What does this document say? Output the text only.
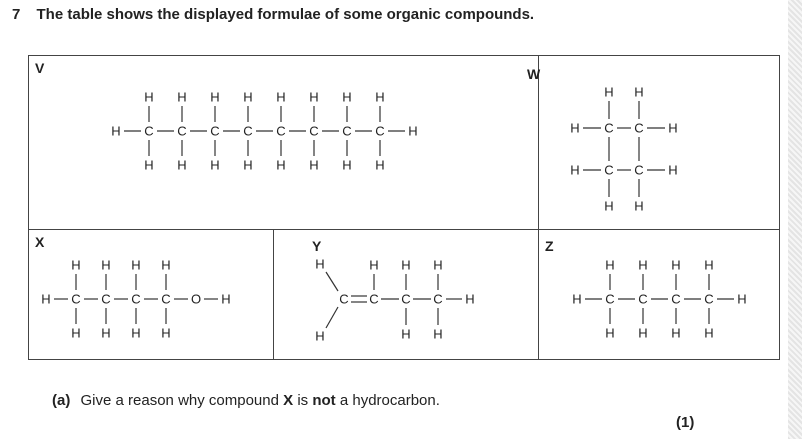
7 The table shows the displayed formulae of some organic compounds.
V
H C
H
H
C
H
H
C
H
H
C
H
H
C
H
H
C
H
H
C
H
H
C
H
H
H
W
C
C
H
H
C
C
H
H
H
H
H
H
X
H C
H
H
C
H
H
C
H
H
C
H
H
O H
Y
C C C C
H
H
H H
H
H
H
H
Z
H C
H
H
C
H
H
C
H
H
C
H
H
H
(a) Give a reason why compound X is not a hydrocarbon.
(1)
